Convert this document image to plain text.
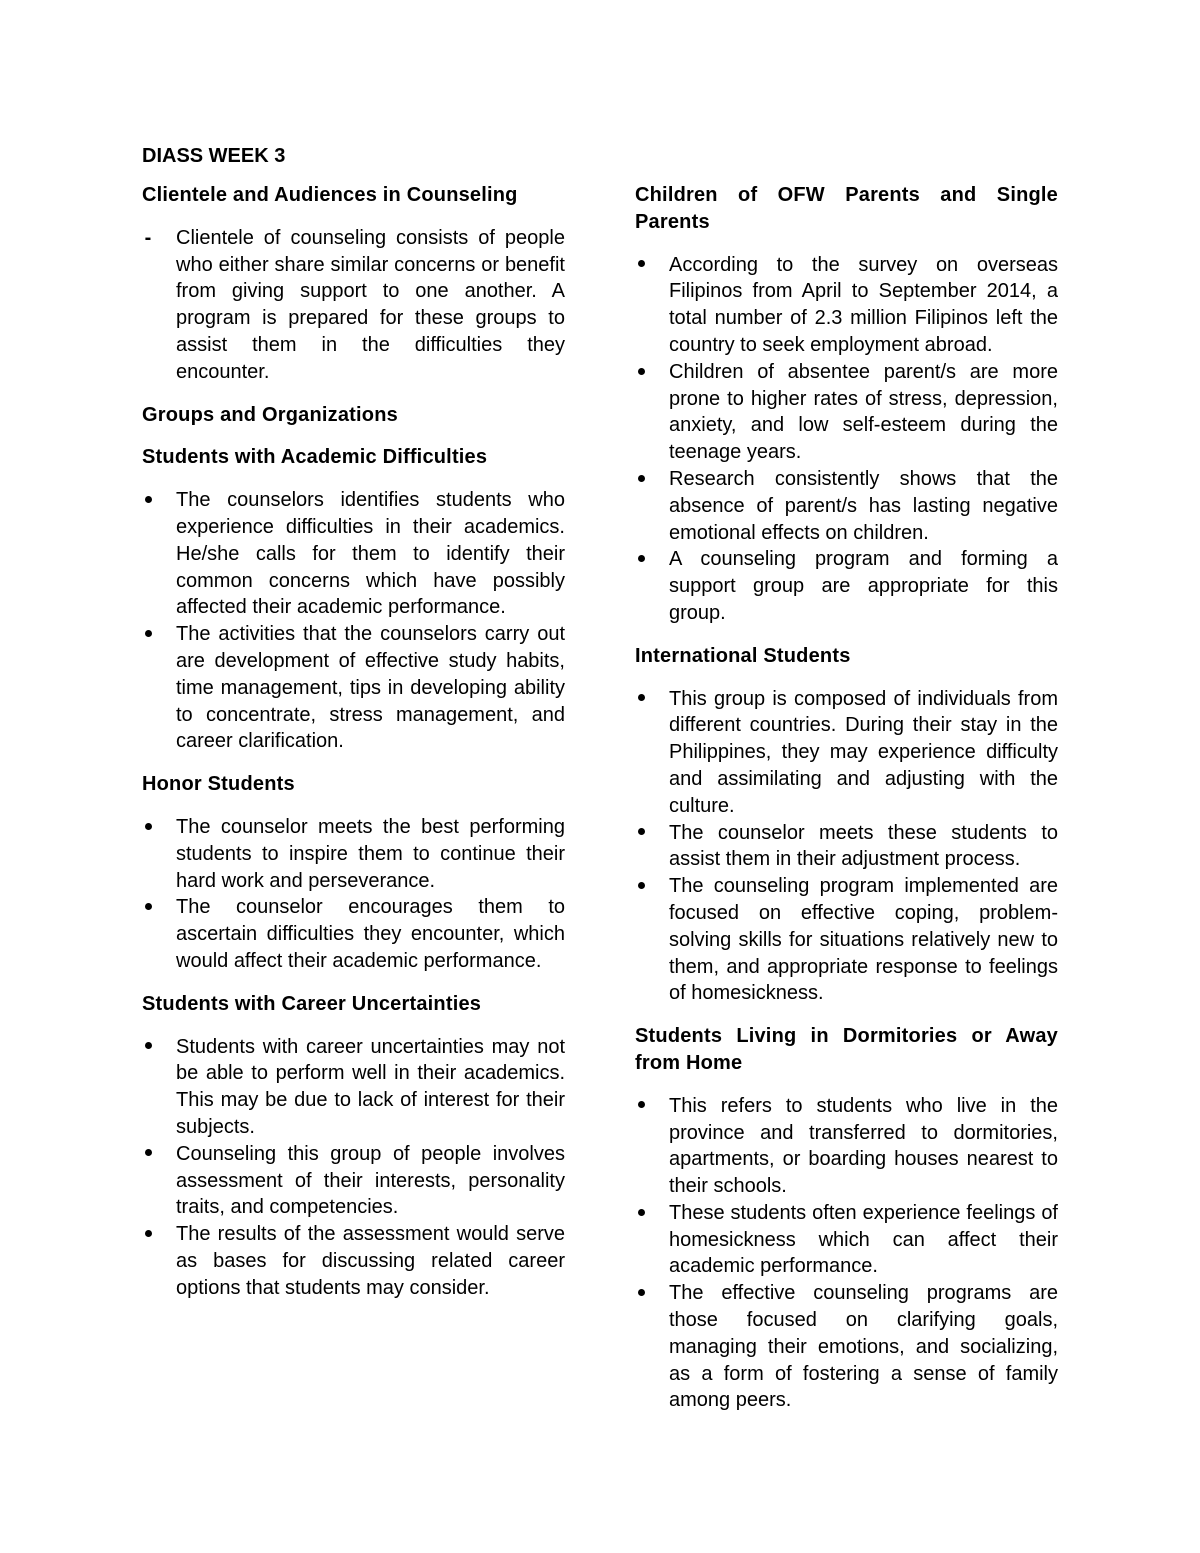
DIASS WEEK 3
Clientele and Audiences in Counseling
- Clientele of counseling consists of people who either share similar concerns or benefit from giving support to one another. A program is prepared for these groups to assist them in the difficulties they encounter.
Groups and Organizations
Students with Academic Difficulties
The counselors identifies students who experience difficulties in their academics. He/she calls for them to identify their common concerns which have possibly affected their academic performance.
The activities that the counselors carry out are development of effective study habits, time management, tips in developing ability to concentrate, stress management, and career clarification.
Honor Students
The counselor meets the best performing students to inspire them to continue their hard work and perseverance.
The counselor encourages them to ascertain difficulties they encounter, which would affect their academic performance.
Students with Career Uncertainties
Students with career uncertainties may not be able to perform well in their academics. This may be due to lack of interest for their subjects.
Counseling this group of people involves assessment of their interests, personality traits, and competencies.
The results of the assessment would serve as bases for discussing related career options that students may consider.
Children of OFW Parents and Single
Parents
According to the survey on overseas Filipinos from April to September 2014, a total number of 2.3 million Filipinos left the country to seek employment abroad.
Children of absentee parent/s are more prone to higher rates of stress, depression, anxiety, and low self-esteem during the teenage years.
Research consistently shows that the absence of parent/s has lasting negative emotional effects on children.
A counseling program and forming a support group are appropriate for this group.
International Students
This group is composed of individuals from different countries. During their stay in the Philippines, they may experience difficulty and assimilating and adjusting with the culture.
The counselor meets these students to assist them in their adjustment process.
The counseling program implemented are focused on effective coping, problem-solving skills for situations relatively new to them, and appropriate response to feelings of homesickness.
Students Living in Dormitories or Away
from Home
This refers to students who live in the province and transferred to dormitories, apartments, or boarding houses nearest to their schools.
These students often experience feelings of homesickness which can affect their academic performance.
The effective counseling programs are those focused on clarifying goals, managing their emotions, and socializing, as a form of fostering a sense of family among peers.
